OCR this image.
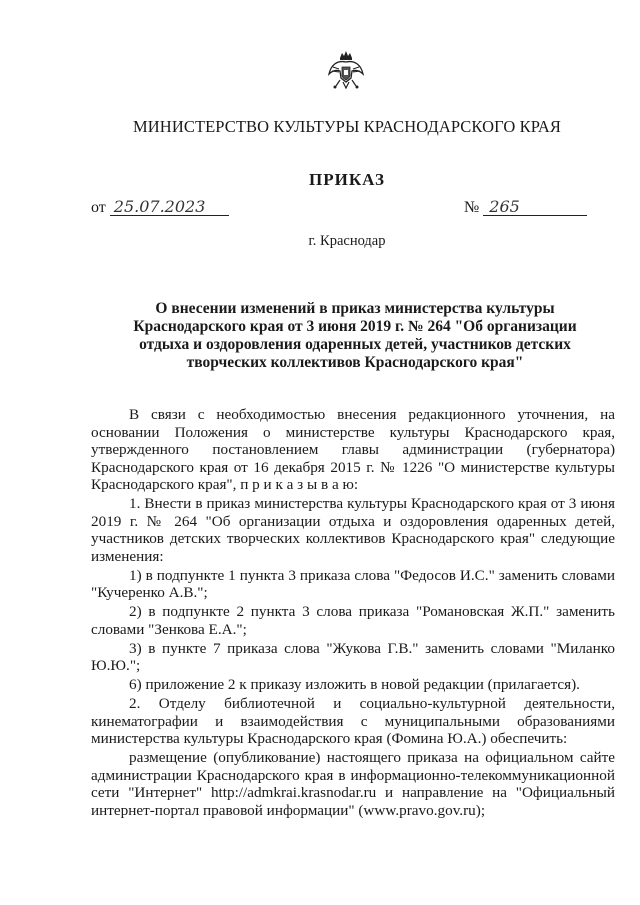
МИНИСТЕРСТВО КУЛЬТУРЫ КРАСНОДАРСКОГО КРАЯ
ПРИКАЗ
от 25.07.2023	№ 265
г. Краснодар
О внесении изменений в приказ министерства культуры Краснодарского края от 3 июня 2019 г. № 264 "Об организации отдыха и оздоровления одаренных детей, участников детских творческих коллективов Краснодарского края"

В связи с необходимостью внесения редакционного уточнения, на основании Положения о министерстве культуры Краснодарского края, утвержденного постановлением главы администрации (губернатора) Краснодарского края от 16 декабря 2015 г. № 1226 "О министерстве культуры Краснодарского края", п р и к а з ы в а ю:

1. Внести в приказ министерства культуры Краснодарского края от 3 июня 2019 г. № 264 "Об организации отдыха и оздоровления одаренных детей, участников детских творческих коллективов Краснодарского края" следующие изменения:

1) в подпункте 1 пункта 3 приказа слова "Федосов И.С." заменить словами "Кучеренко А.В.";

2) в подпункте 2 пункта 3 слова приказа "Романовская Ж.П." заменить словами "Зенкова Е.А.";

3) в пункте 7 приказа слова "Жукова Г.В." заменить словами "Миланко Ю.Ю.";

6) приложение 2 к приказу изложить в новой редакции (прилагается).

2. Отделу библиотечной и социально-культурной деятельности, кинематографии и взаимодействия с муниципальными образованиями министерства культуры Краснодарского края (Фомина Ю.А.) обеспечить:

размещение (опубликование) настоящего приказа на официальном сайте администрации Краснодарского края в информационно-телекоммуникационной сети "Интернет" http://admkrai.krasnodar.ru и направление на "Официальный интернет-портал правовой информации" (www.pravo.gov.ru);
